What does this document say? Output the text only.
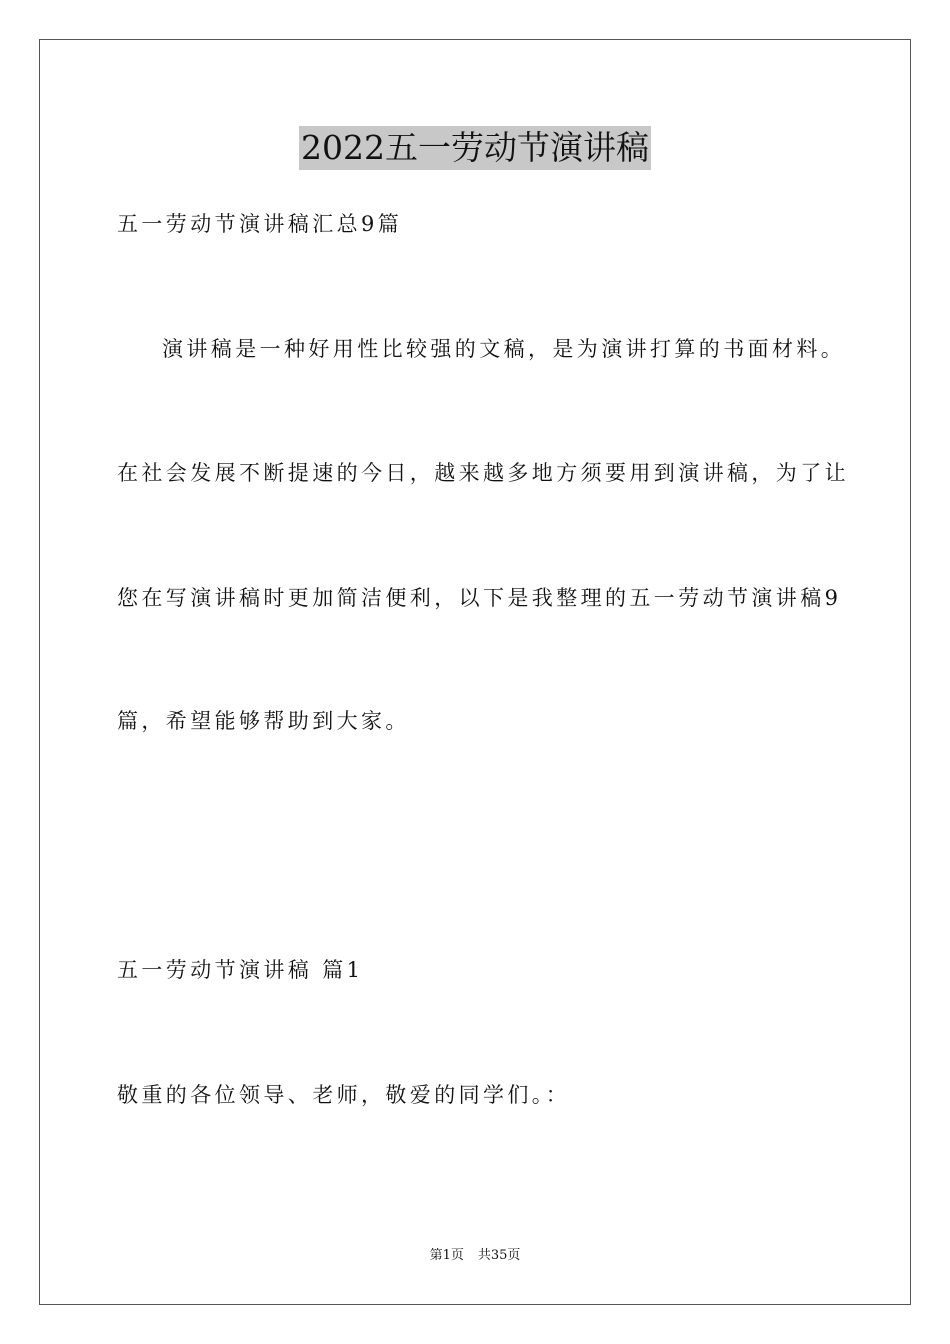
2022五一劳动节演讲稿
五一劳动节演讲稿汇总9篇
演讲稿是一种好用性比较强的文稿，是为演讲打算的书面材料。
在社会发展不断提速的今日，越来越多地方须要用到演讲稿，为了让
您在写演讲稿时更加简洁便利，以下是我整理的五一劳动节演讲稿9
篇，希望能够帮助到大家。
五一劳动节演讲稿 篇1
敬重的各位领导、老师，敬爱的同学们。：
第1页 共35页
